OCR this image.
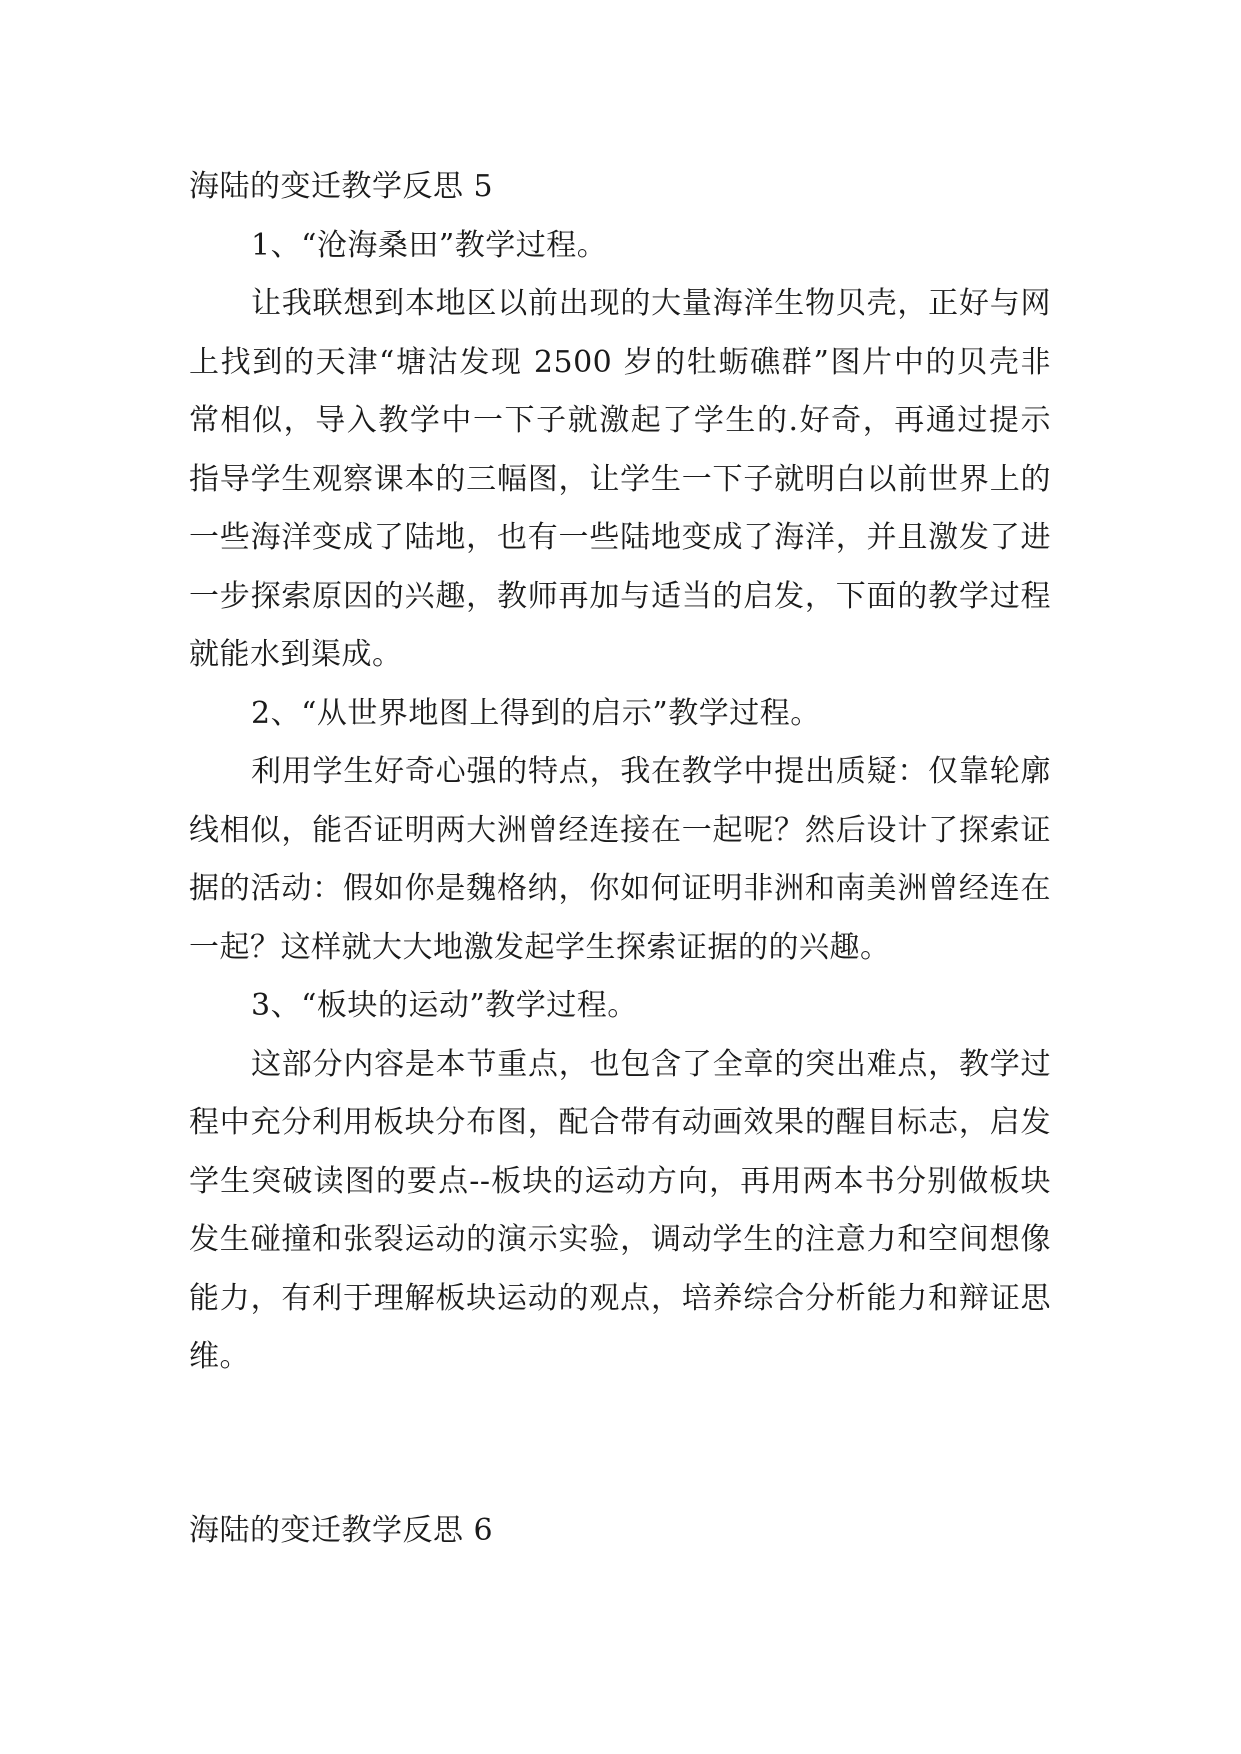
海陆的变迁教学反思 5

1、“沧海桑田”教学过程。

让我联想到本地区以前出现的大量海洋生物贝壳，正好与网上找到的天津“塘沽发现 2500 岁的牡蛎礁群”图片中的贝壳非常相似，导入教学中一下子就激起了学生的.好奇，再通过提示指导学生观察课本的三幅图，让学生一下子就明白以前世界上的一些海洋变成了陆地，也有一些陆地变成了海洋，并且激发了进一步探索原因的兴趣，教师再加与适当的启发，下面的教学过程就能水到渠成。

2、“从世界地图上得到的启示”教学过程。

利用学生好奇心强的特点，我在教学中提出质疑：仅靠轮廓线相似，能否证明两大洲曾经连接在一起呢？然后设计了探索证据的活动：假如你是魏格纳，你如何证明非洲和南美洲曾经连在一起？这样就大大地激发起学生探索证据的的兴趣。

3、“板块的运动”教学过程。

这部分内容是本节重点，也包含了全章的突出难点，教学过程中充分利用板块分布图，配合带有动画效果的醒目标志，启发学生突破读图的要点--板块的运动方向，再用两本书分别做板块发生碰撞和张裂运动的演示实验，调动学生的注意力和空间想像能力，有利于理解板块运动的观点，培养综合分析能力和辩证思维。

海陆的变迁教学反思 6
